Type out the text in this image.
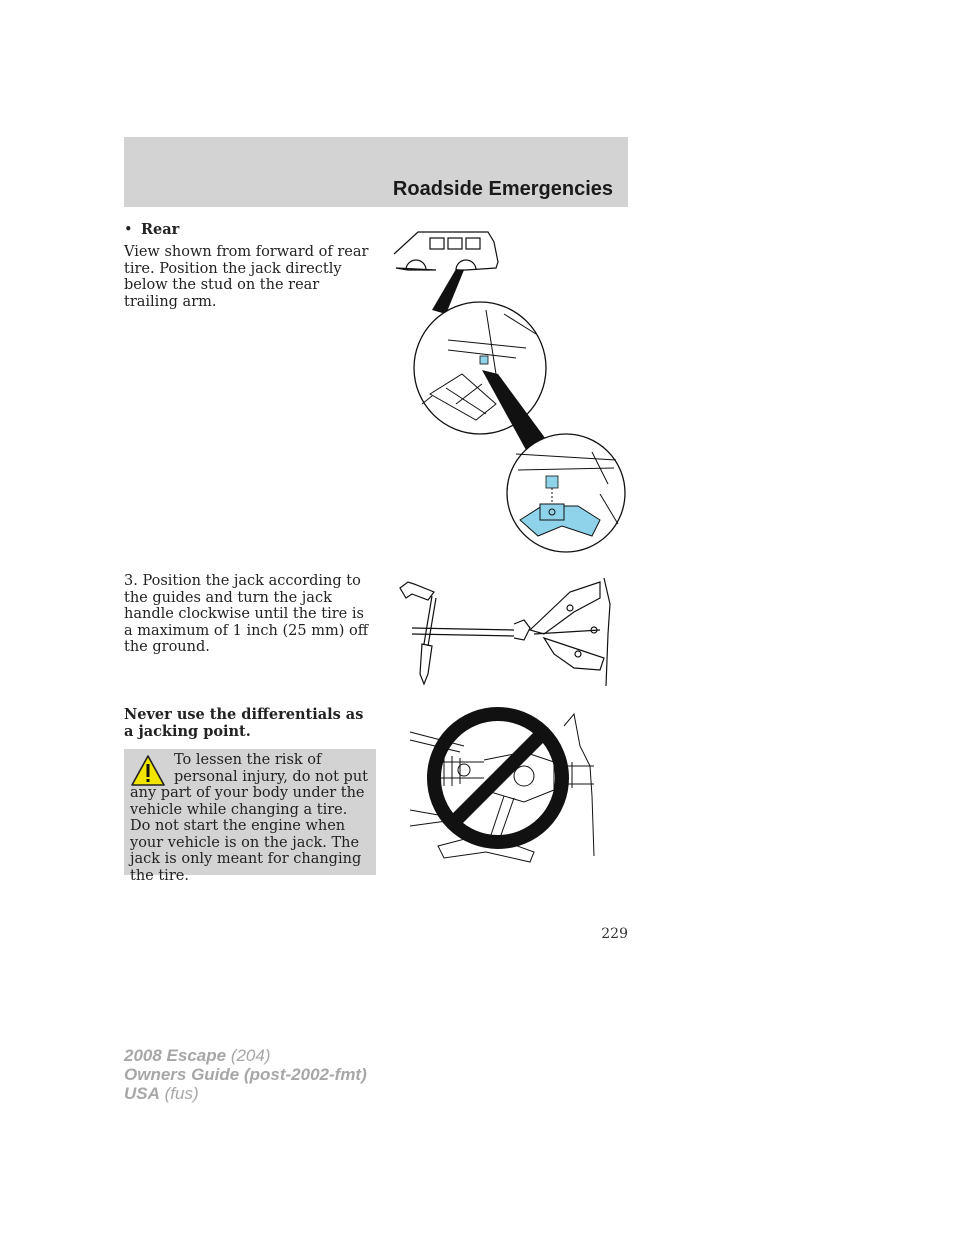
Roadside Emergencies
• Rear
View shown from forward of rear tire. Position the jack directly below the stud on the rear trailing arm.
3. Position the jack according to the guides and turn the jack handle clockwise until the tire is a maximum of 1 inch (25 mm) off the ground.
Never use the differentials as a jacking point.
To lessen the risk of personal injury, do not put any part of your body under the vehicle while changing a tire. Do not start the engine when your vehicle is on the jack. The jack is only meant for changing the tire.
229
2008 Escape (204)
Owners Guide (post-2002-fmt)
USA (fus)
